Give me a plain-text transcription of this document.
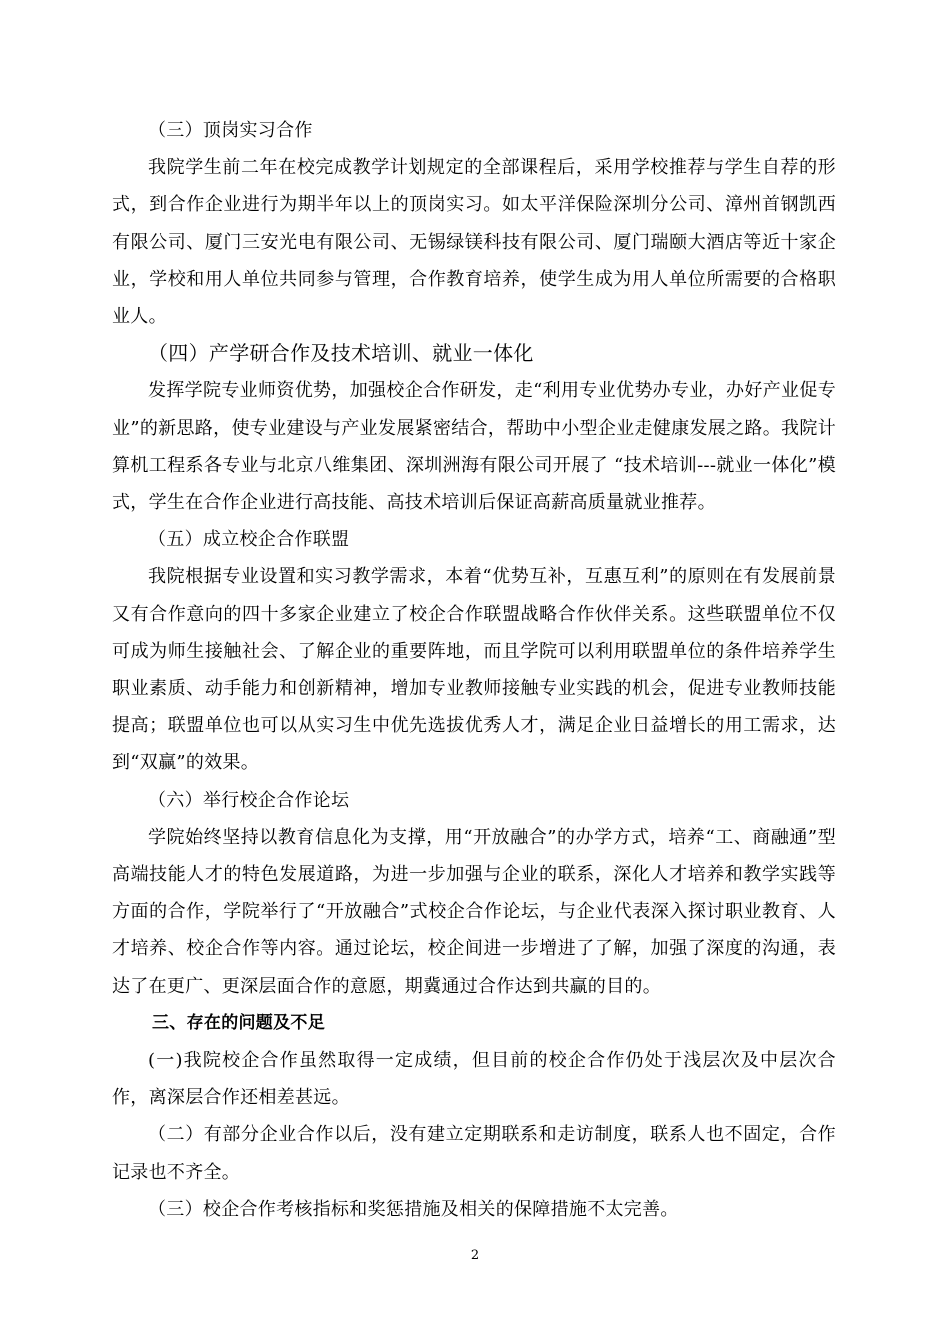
（三）顶岗实习合作

我院学生前二年在校完成教学计划规定的全部课程后，采用学校推荐与学生自荐的形式，到合作企业进行为期半年以上的顶岗实习。如太平洋保险深圳分公司、漳州首钢凯西有限公司、厦门三安光电有限公司、无锡绿镁科技有限公司、厦门瑞颐大酒店等近十家企业，学校和用人单位共同参与管理，合作教育培养，使学生成为用人单位所需要的合格职业人。

（四）产学研合作及技术培训、就业一体化

发挥学院专业师资优势，加强校企合作研发，走“利用专业优势办专业，办好产业促专业”的新思路，使专业建设与产业发展紧密结合，帮助中小型企业走健康发展之路。我院计算机工程系各专业与北京八维集团、深圳洲海有限公司开展了 “技术培训---就业一体化”模式，学生在合作企业进行高技能、高技术培训后保证高薪高质量就业推荐。

（五）成立校企合作联盟

我院根据专业设置和实习教学需求，本着“优势互补，互惠互利”的原则在有发展前景又有合作意向的四十多家企业建立了校企合作联盟战略合作伙伴关系。这些联盟单位不仅可成为师生接触社会、了解企业的重要阵地，而且学院可以利用联盟单位的条件培养学生职业素质、动手能力和创新精神，增加专业教师接触专业实践的机会，促进专业教师技能提高；联盟单位也可以从实习生中优先选拔优秀人才，满足企业日益增长的用工需求，达到“双赢”的效果。

（六）举行校企合作论坛

学院始终坚持以教育信息化为支撑，用“开放融合”的办学方式，培养“工、商融通”型高端技能人才的特色发展道路，为进一步加强与企业的联系，深化人才培养和教学实践等方面的合作，学院举行了“开放融合”式校企合作论坛，与企业代表深入探讨职业教育、人才培养、校企合作等内容。通过论坛，校企间进一步增进了了解，加强了深度的沟通，表达了在更广、更深层面合作的意愿，期冀通过合作达到共赢的目的。

三、存在的问题及不足

(一)我院校企合作虽然取得一定成绩，但目前的校企合作仍处于浅层次及中层次合作，离深层合作还相差甚远。

（二）有部分企业合作以后，没有建立定期联系和走访制度，联系人也不固定，合作记录也不齐全。

（三）校企合作考核指标和奖惩措施及相关的保障措施不太完善。

2
